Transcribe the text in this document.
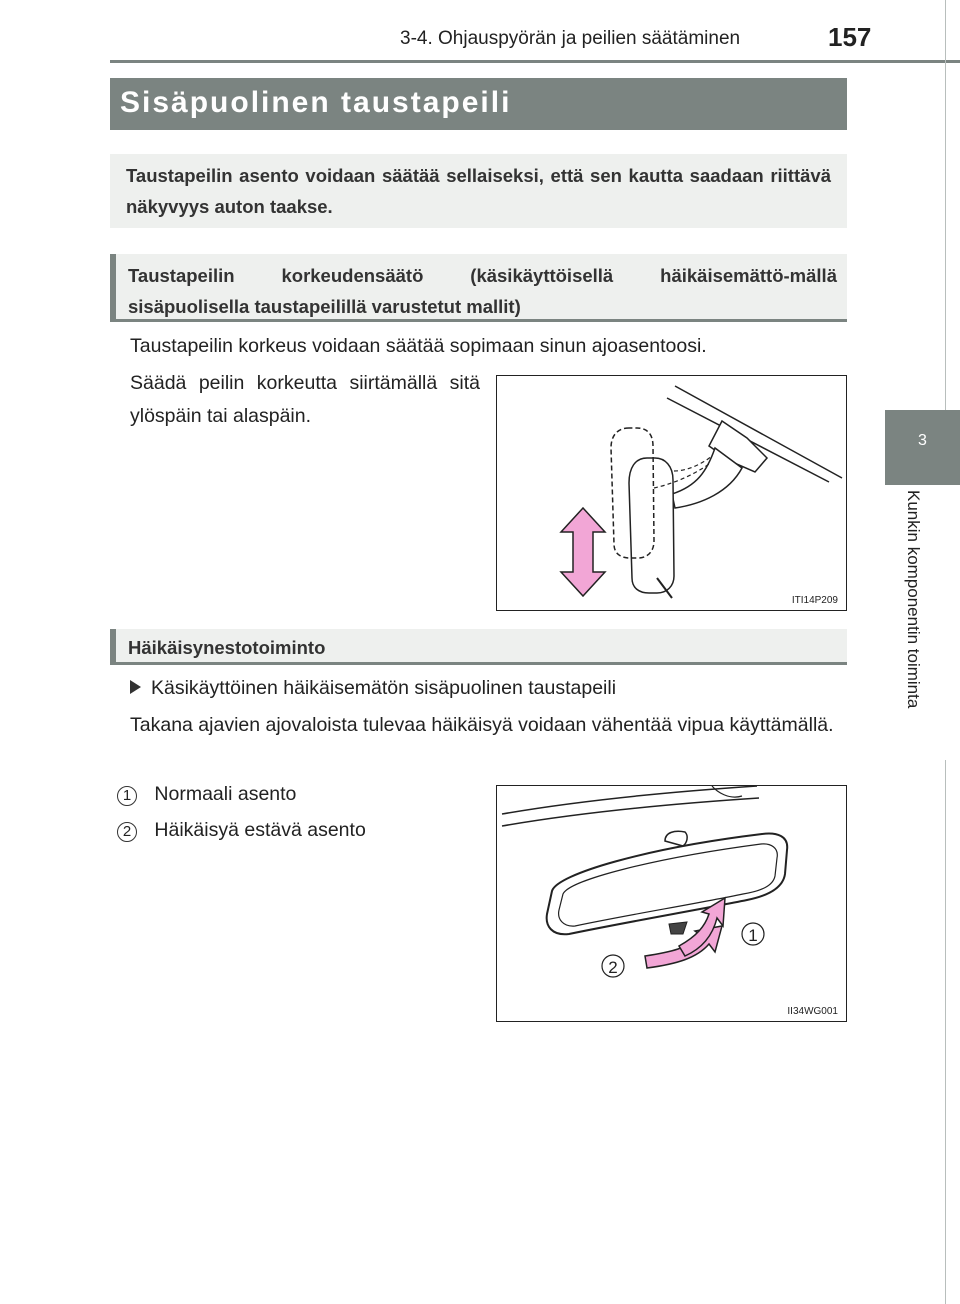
3-4. Ohjauspyörän ja peilien säätäminen	157
3
Kunkin komponentin toiminta
Sisäpuolinen taustapeili

Taustapeilin asento voidaan säätää sellaiseksi, että sen kautta saadaan riittävä näkyvyys auton taakse.

Taustapeilin korkeudensäätö (käsikäyttöisellä häikäisemättö-mällä sisäpuolisella taustapeilillä varustetut mallit)

Taustapeilin korkeus voidaan säätää sopimaan sinun ajoasentoosi.
Säädä peilin korkeutta siirtämällä sitä ylöspäin tai alaspäin.
ITI14P209

Häikäisynestotoiminto

Käsikäyttöinen häikäisemätön sisäpuolinen taustapeili
Takana ajavien ajovaloista tulevaa häikäisyä voidaan vähentää vipua käyttämällä.
1 Normaali asento
2 Häikäisyä estävä asento
1
2
II34WG001
